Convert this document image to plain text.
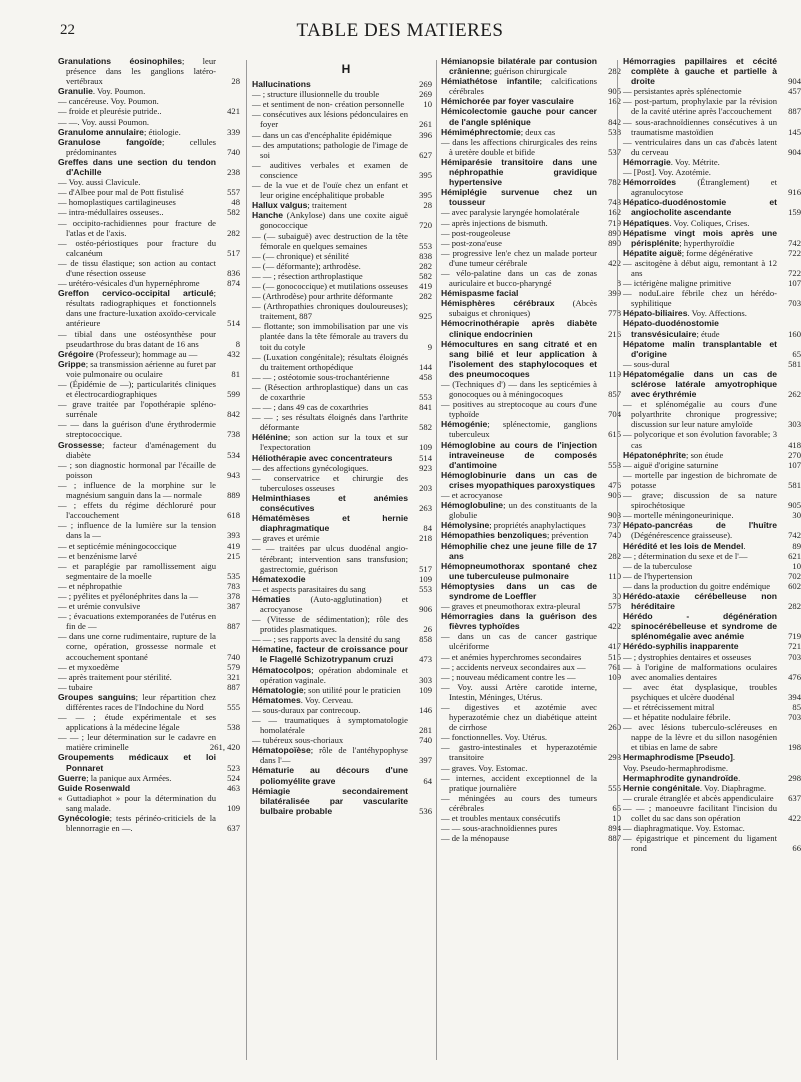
22	TABLE DES MATIERES
Granulations éosinophiles; leur présence dans les ganglions latéro-vertébraux	28
Granulie. Voy. Poumon.
— cancéreuse. Voy. Poumon.
— froide et pleurésie putride..	421
— —. Voy. aussi Poumon.
Granulome annulaire; étiologie.	339
Granulose fangoïde; cellules prédominantes	740
Greffes dans une section du tendon d'Achille	238
— Voy. aussi Clavicule.
— d'Albee pour mal de Pott fistulisé	557
— homoplastiques cartilagineuses	48
— intra-médullaires osseuses..	582
— occipito-rachidiennes pour fracture de l'atlas et de l'axis.	282
— ostéo-périostiques pour fracture du calcanéum	517
— de tissu élastique; son action au contact d'une résection osseuse	836
— urétéro-vésicales d'un hypernéphrome	874
Greffon cervico-occipital articulé; résultats radiographiques et fonctionnels dans une fracture-luxation axoïdo-cervicale antérieure	514
— tibial dans une ostéosynthèse pour pseudarthrose du bras datant de 16 ans	8
Grégoire (Professeur); hommage au —	432
Grippe; sa transmission aérienne au furet par voie pulmonaire ou oculaire	81
— (Épidémie de —); particularités cliniques et électrocardiographiques	599
— grave traitée par l'opothérapie spléno-surrénale	842
— — dans la guérison d'une érythrodermie streptococcique.	738
Grossesse; facteur d'aménagement du diabète	534
— ; son diagnostic hormonal par l'écaille de poisson	943
— ; influence de la morphine sur le magnésium sanguin dans la — normale	889
— ; effets du régime déchloruré pour l'accouchement	618
— ; influence de la lumière sur la tension dans la —	393
— et septicémie méningococcique	419
— et benzénisme larvé	215
— et paraplégie par ramollissement aigu segmentaire de la moelle	535
— et néphropathie	783
— ; pyélites et pyélonéphrites dans la —	378
— et urémie convulsive	387
— ; évacuations extemporanées de l'utérus en fin de —	887
— dans une corne rudimentaire, rupture de la corne, opération, grossesse normale et accouchement spontané	740
— et myxoedème	579
— après traitement pour stérilité.	321
— tubaire	887
Groupes sanguins; leur répartition chez différentes races de l'Indochine du Nord	555
— — ; étude expérimentale et ses applications à la médecine légale	538
— — ; leur détermination sur le cadavre en matière criminelle	261, 420
Groupements médicaux et loi Ponnaret	523
Guerre; la panique aux Armées.	524
Guide Rosenwald	463
« Guttadiaphot » pour la détermination du sang malade.	109
Gynécologie; tests périnéo-criticiels de la blennorragie en —.	637
H
Hallucinations	269
— ; structure illusionnelle du trouble	269
— et sentiment de non- création personnelle 10
— consécutives aux lésions pédonculaires en foyer	261
— dans un cas d'encéphalite épidémique	396
— des amputations; pathologie de l'image de soi	627
— auditives verbales et examen de conscience	395
— de la vue et de l'ouïe chez un enfant et leur origine encéphalitique probable	395
Hallux valgus; traitement	28
Hanche (Ankylose) dans une coxite aiguë gonococcique	720
— (— subaiguë) avec destruction de la tête fémorale en quelques semaines	553
— (— chronique) et sénilité	838
— (— déformante); arthrodèse.	282
— — ; résection arthroplastique	582
— (— gonococcique) et mutilations osseuses 419
— (Arthrodèse) pour arthrite déformante	282
— (Arthropathies chroniques douloureuses); traitement, 887	925
— flottante; son immobilisation par une vis plantée dans la tête fémorale au travers du toit du cotyle	9
— (Luxation congénitale); résultats éloignés du traitement orthopédique	144
— — ; ostéotomie sous-trochantérienne	458
— (Résection arthroplastique) dans un cas de coxarthrie	553
— — ; dans 49 cas de coxarthries	841
— — ; ses résultats éloignés dans l'arthrite déformante	582
Hélénine; son action sur la toux et sur l'expectoration	109
Héliothérapie avec concentrateurs	514
— des affections gynécologiques.	923
— conservatrice et chirurgie des tuberculoses osseuses	203
Helminthiases et anémies consécutives	263
Hématémèses et hernie diaphragmatique	84
— graves et urémie	218
— — traitées par ulcus duodénal angio-térébrant; intervention sans transfusion; gastrectomie, guérison	517
Hématexodie	109
— et aspects parasitaires du sang	553
Hématies (Auto-agglutination) et acrocyanose	906
— (Vitesse de sédimentation); rôle des protides plasmatiques.	26
— — ; ses rapports avec la densité du sang 858
Hématine, facteur de croissance pour le Flagellé Schizotrypanum cruzi	473
Hématocolpos; opération abdominale et opération vaginale.	303
Hématologie; son utilité pour le praticien 109
Hématomes. Voy. Cerveau.
— sous-duraux par contrecoup.	146
— — traumatiques à symptomatologie homolatérale	281
— tubéreux sous-choriaux	740
Hématopoïèse; rôle de l'antéhypophyse dans l'—	397
Hématurie au décours d'une poliomyélite grave	64
Hémiagie secondairement bilatéralisée par vascularite bulbaire probable	536
Hémianopsie bilatérale par contusion crânienne; guérison chirurgicale	282
Hémiathétose infantile; calcifications cérébrales	905
Hémichorée par foyer vasculaire	162
Hémicolectomie gauche pour cancer de l'angle splénique	842
Hémiméphrectomie; deux cas	538
— dans les affections chirurgicales des reins à uretère double et bifide	537
Hémiparésie transitoire dans une néphropathie gravidique hypertensive	782
Hémiplégie survenue chez un tousseur	743
— avec paralysie laryngée homolatérale	162
— après injections de bismuth.	719
— post-rougeoleuse	890
— post-zona'euse	890
— progressive len'e chez un malade porteur d'une tumeur cérébrale	422
— vélo-palatine dans un cas de zonas auriculaire et bucco-pharyngé	8
Hémispasme facial	399
Hémisphères cérébraux (Abcès subaigus et chroniques)	778
Hémocrinothérapie après diabète clinique endocrinien	216
Hémocultures en sang citraté et en sang bilié et leur application à l'isolement des staphylocoques et des pneumocoques	119
— (Techniques d') — dans les septicémies à gonocoques ou à méningocoques	857
— positives au streptocoque au cours d'une typhoïde	704
Hémogénie; splénectomie, ganglions tuberculeux	615
Hémoglobine au cours de l'injection intraveineuse de composés d'antimoine	553
Hémoglobinurie dans un cas de crises myopathiques paroxystiques 476
— et acrocyanose	906
Hémoglobuline; un des constituants de la globulie	903
Hémolysine; propriétés anaphylactiques	737
Hémopathies benzoliques; prévention 740
Hémophilie chez une jeune fille de 17 ans	282
Hémopneumothorax spontané chez une tuberculeuse pulmonaire	110
Hémoptysies dans un cas de syndrome de Loeffler	30
— graves et pneumothorax extra-pleural	578
Hémorragies dans la guérison des fièvres typhoïdes	422
— dans un cas de cancer gastrique ulcériforme	417
— et anémies hyperchromes secondaires	515
— ; accidents nerveux secondaires aux —	761
— ; nouveau médicament contre les —	109
— Voy. aussi Artère carotide interne, Intestin, Méninges, Utérus.
— digestives et azotémie avec hyperazotémie chez un diabétique atteint de cirrhose	260
— fonctionnelles. Voy. Utérus.
— gastro-intestinales et hyperazotémie transitoire	293
— graves. Voy. Estomac.
— internes, accident exceptionnel de la pratique journalière	555
— méningées au cours des tumeurs cérébrales	65
— et troubles mentaux consécutifs	10
— — sous-arachnoïdiennes pures	894
— de la ménopause	887
Hémorragies papillaires et cécité complète à gauche et partielle à droite	904
— persistantes après splénectomie	457
— post-partum, prophylaxie par la révision de la cavité utérine après l'accouchement 887
— sous-arachnoïdiennes consécutives à un traumatisme mastoïdien	145
— ventriculaires dans un cas d'abcès latent du cerveau	904
Hémorragie. Voy. Métrite.
— [Post]. Voy. Azotémie.
Hémorroïdes (Étranglement) et agranulocytose	916
Hépatico-duodénostomie et angiocholite ascendante	159
Hépatiques. Voy. Coliques, Crises.
Hépatisme vingt mois après une périsplénite; hyperthyroïdie	742
Hépatite aiguë; forme dégénérative	722
— ascitogène à début aigu, remontant à 12 ans	722
— ictérigène maligne primitive	107
— noduLaire fébrile chez un hérédo-syphilitique	703
Hépato-biliaires. Voy. Affections.
Hépato-duodénostomie transvésiculaire; étude	160
Hépatome malin transplantable et d'origine	65
— sous-dural	581
Hépatomégalie dans un cas de sclérose latérale amyotrophique avec érythrémie	262
— et splénomégalie au cours d'une polyarthrite chronique progressive; discussion sur leur nature amyloïde	303
— polycorique et son évolution favorable; 3 cas	418
Hépatonéphrite; son étude	270
— aiguë d'origine saturnine	107
— mortelle par ingestion de bichromate de potasse	581
— grave; discussion de sa nature spirochétosique	905
— mortelle méningoneurinique.	30
Hépato-pancréas de l'huître (Dégénérescence graisseuse).	742
Hérédité et les lois de Mendel.	89
— ; détermination du sexe et de l'—	621
— de la tuberculose	10
— de l'hypertension	702
— dans la production du goitre endémique 602
Hérédo-ataxie cérébelleuse non héréditaire	282
Hérédo - dégénération spinocérébelleuse et syndrome de splénomégalie avec anémie	719
Hérédo-syphilis inapparente	721
— ; dystrophies dentaires et osseuses	703
— à l'origine de malformations oculaires avec anomalies dentaires	476
— avec état dysplasique, troubles psychiques et ulcère duodénal	394
— et rétrécissement mitral	85
— et hépatite nodulaire fébrile.	703
— avec lésions tuberculo-scléreuses en nappe de la lèvre et du sillon nasogénien et tibias en lame de sabre	198
Hermaphrodisme [Pseudo].
Voy. Pseudo-hermaphrodisme.
Hermaphrodite gynandroïde.	298
Hernie congénitale. Voy. Diaphragme.
— crurale étranglée et abcès appendiculaire 637
— — ; manoeuvre facilitant l'incision du collet du sac dans son opération	422
— diaphragmatique. Voy. Estomac.
— épigastrique et pincement du ligament rond	66
